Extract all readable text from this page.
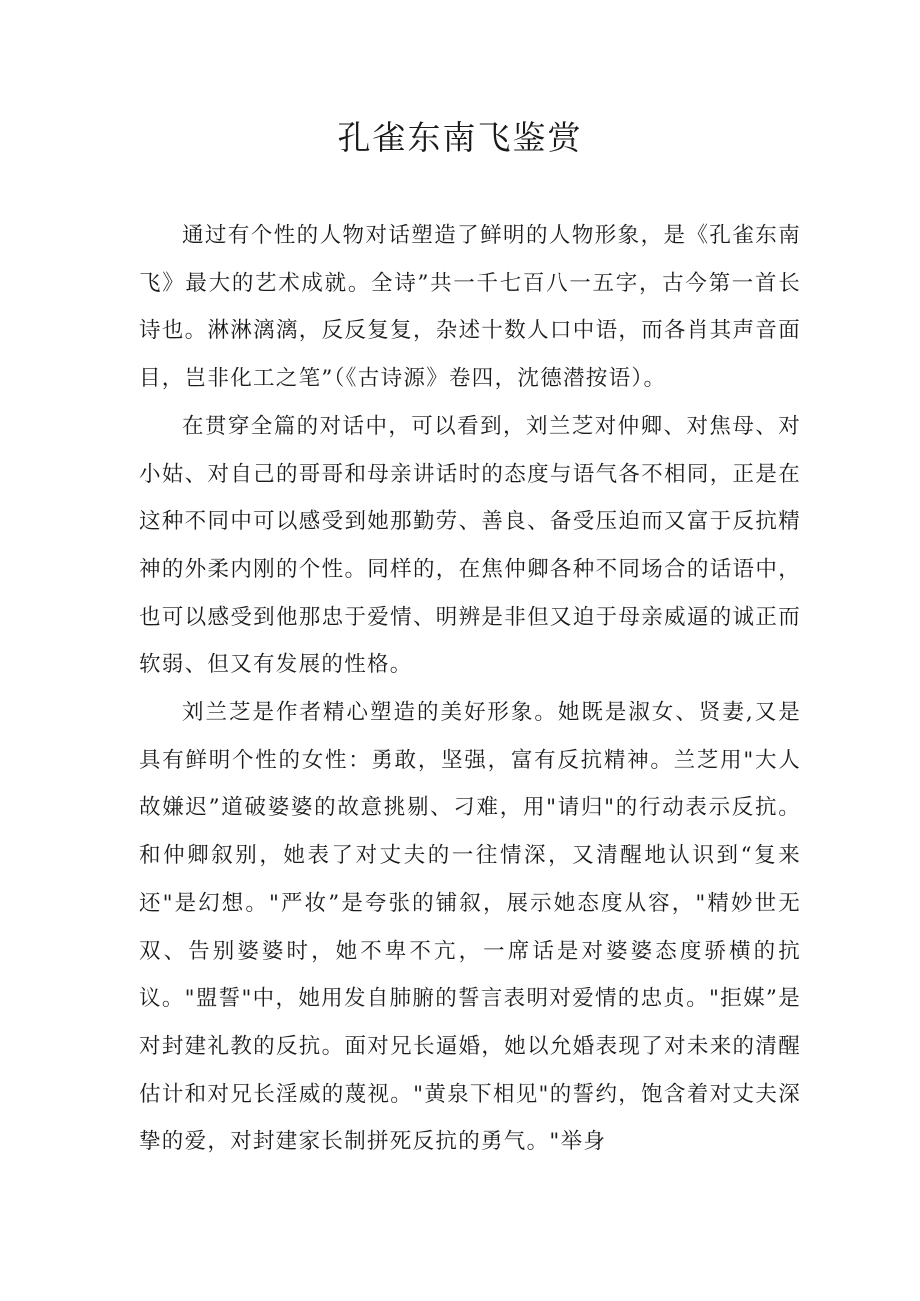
孔雀东南飞鉴赏

通过有个性的人物对话塑造了鲜明的人物形象，是《孔雀东南飞》最大的艺术成就。全诗”共一千七百八一五字，古今第一首长诗也。淋淋漓漓，反反复复，杂述十数人口中语，而各肖其声音面目，岂非化工之笔”（《古诗源》卷四，沈德潜按语）。

在贯穿全篇的对话中，可以看到，刘兰芝对仲卿、对焦母、对小姑、对自己的哥哥和母亲讲话时的态度与语气各不相同，正是在这种不同中可以感受到她那勤劳、善良、备受压迫而又富于反抗精神的外柔内刚的个性。同样的，在焦仲卿各种不同场合的话语中，也可以感受到他那忠于爱情、明辨是非但又迫于母亲威逼的诚正而软弱、但又有发展的性格。

刘兰芝是作者精心塑造的美好形象。她既是淑女、贤妻,又是具有鲜明个性的女性：勇敢，坚强，富有反抗精神。兰芝用"大人故嫌迟”道破婆婆的故意挑剔、刁难，用"请归"的行动表示反抗。和仲卿叙别，她表了对丈夫的一往情深，又清醒地认识到“复来还"是幻想。"严妆”是夸张的铺叙，展示她态度从容，"精妙世无双、告别婆婆时，她不卑不亢，一席话是对婆婆态度骄横的抗议。"盟誓"中，她用发自肺腑的誓言表明对爱情的忠贞。"拒媒”是对封建礼教的反抗。面对兄长逼婚，她以允婚表现了对未来的清醒估计和对兄长淫威的蔑视。"黄泉下相见"的誓约，饱含着对丈夫深挚的爱，对封建家长制拼死反抗的勇气。"举身
